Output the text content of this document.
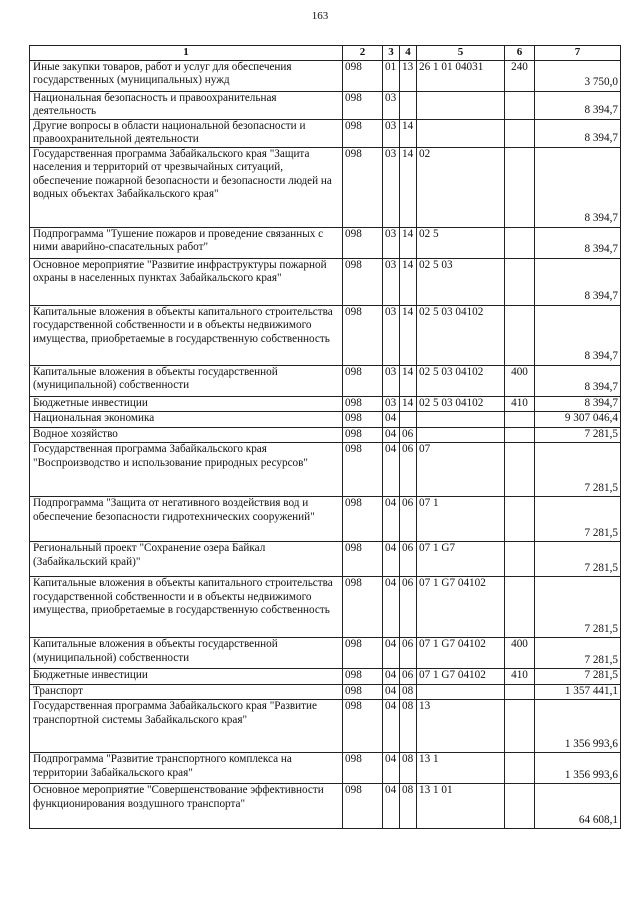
163
1	2	3	4	5	6	7
Иные закупки товаров, работ и услуг для обеспечения государственных (муниципальных) нужд	098	01	13	26 1 01 04031	240	3 750,0
Национальная безопасность и правоохранительная деятельность	098	03				8 394,7
Другие вопросы в области национальной безопасности и правоохранительной деятельности	098	03	14			8 394,7
Государственная программа Забайкальского края "Защита населения и территорий от чрезвычайных ситуаций, обеспечение пожарной безопасности и безопасности людей на водных объектах Забайкальского края"	098	03	14	02		8 394,7
Подпрограмма "Тушение пожаров и проведение связанных с ними аварийно-спасательных работ"	098	03	14	02 5		8 394,7
Основное мероприятие "Развитие инфраструктуры пожарной охраны в населенных пунктах Забайкальского края"	098	03	14	02 5 03		8 394,7
Капитальные вложения в объекты капитального строительства государственной собственности и в объекты недвижимого имущества, приобретаемые в государственную собственность	098	03	14	02 5 03 04102		8 394,7
Капитальные вложения в объекты государственной (муниципальной) собственности	098	03	14	02 5 03 04102	400	8 394,7
Бюджетные инвестиции	098	03	14	02 5 03 04102	410	8 394,7
Национальная экономика	098	04				9 307 046,4
Водное хозяйство	098	04	06			7 281,5
Государственная программа Забайкальского края "Воспроизводство и использование природных ресурсов"	098	04	06	07		7 281,5
Подпрограмма "Защита от негативного воздействия вод и обеспечение безопасности гидротехнических сооружений"	098	04	06	07 1		7 281,5
Региональный проект "Сохранение озера Байкал (Забайкальский край)"	098	04	06	07 1 G7		7 281,5
Капитальные вложения в объекты капитального строительства государственной собственности и в объекты недвижимого имущества, приобретаемые в государственную собственность	098	04	06	07 1 G7 04102		7 281,5
Капитальные вложения в объекты государственной (муниципальной) собственности	098	04	06	07 1 G7 04102	400	7 281,5
Бюджетные инвестиции	098	04	06	07 1 G7 04102	410	7 281,5
Транспорт	098	04	08			1 357 441,1
Государственная программа Забайкальского края "Развитие транспортной системы Забайкальского края"	098	04	08	13		1 356 993,6
Подпрограмма "Развитие транспортного комплекса на территории Забайкальского края"	098	04	08	13 1		1 356 993,6
Основное мероприятие "Совершенствование эффективности функционирования воздушного транспорта"	098	04	08	13 1 01		64 608,1
